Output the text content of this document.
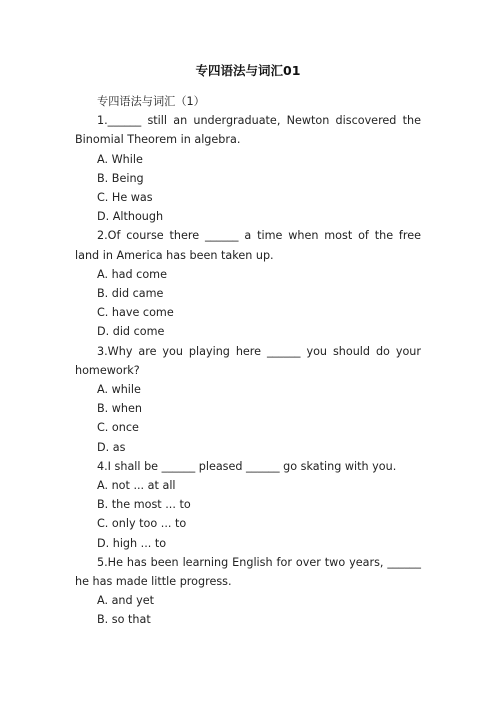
专四语法与词汇01
专四语法与词汇（1）
1.______ still an undergraduate, Newton discovered the Binomial Theorem in algebra.
A. While
B. Being
C. He was
D. Although
2.Of course there ______ a time when most of the free land in America has been taken up.
A. had come
B. did came
C. have come
D. did come
3.Why are you playing here ______ you should do your homework?
A. while
B. when
C. once
D. as
4.I shall be ______ pleased ______ go skating with you.
A. not ... at all
B. the most ... to
C. only too ... to
D. high ... to
5.He has been learning English for over two years, ______ he has made little progress.
A. and yet
B. so that
